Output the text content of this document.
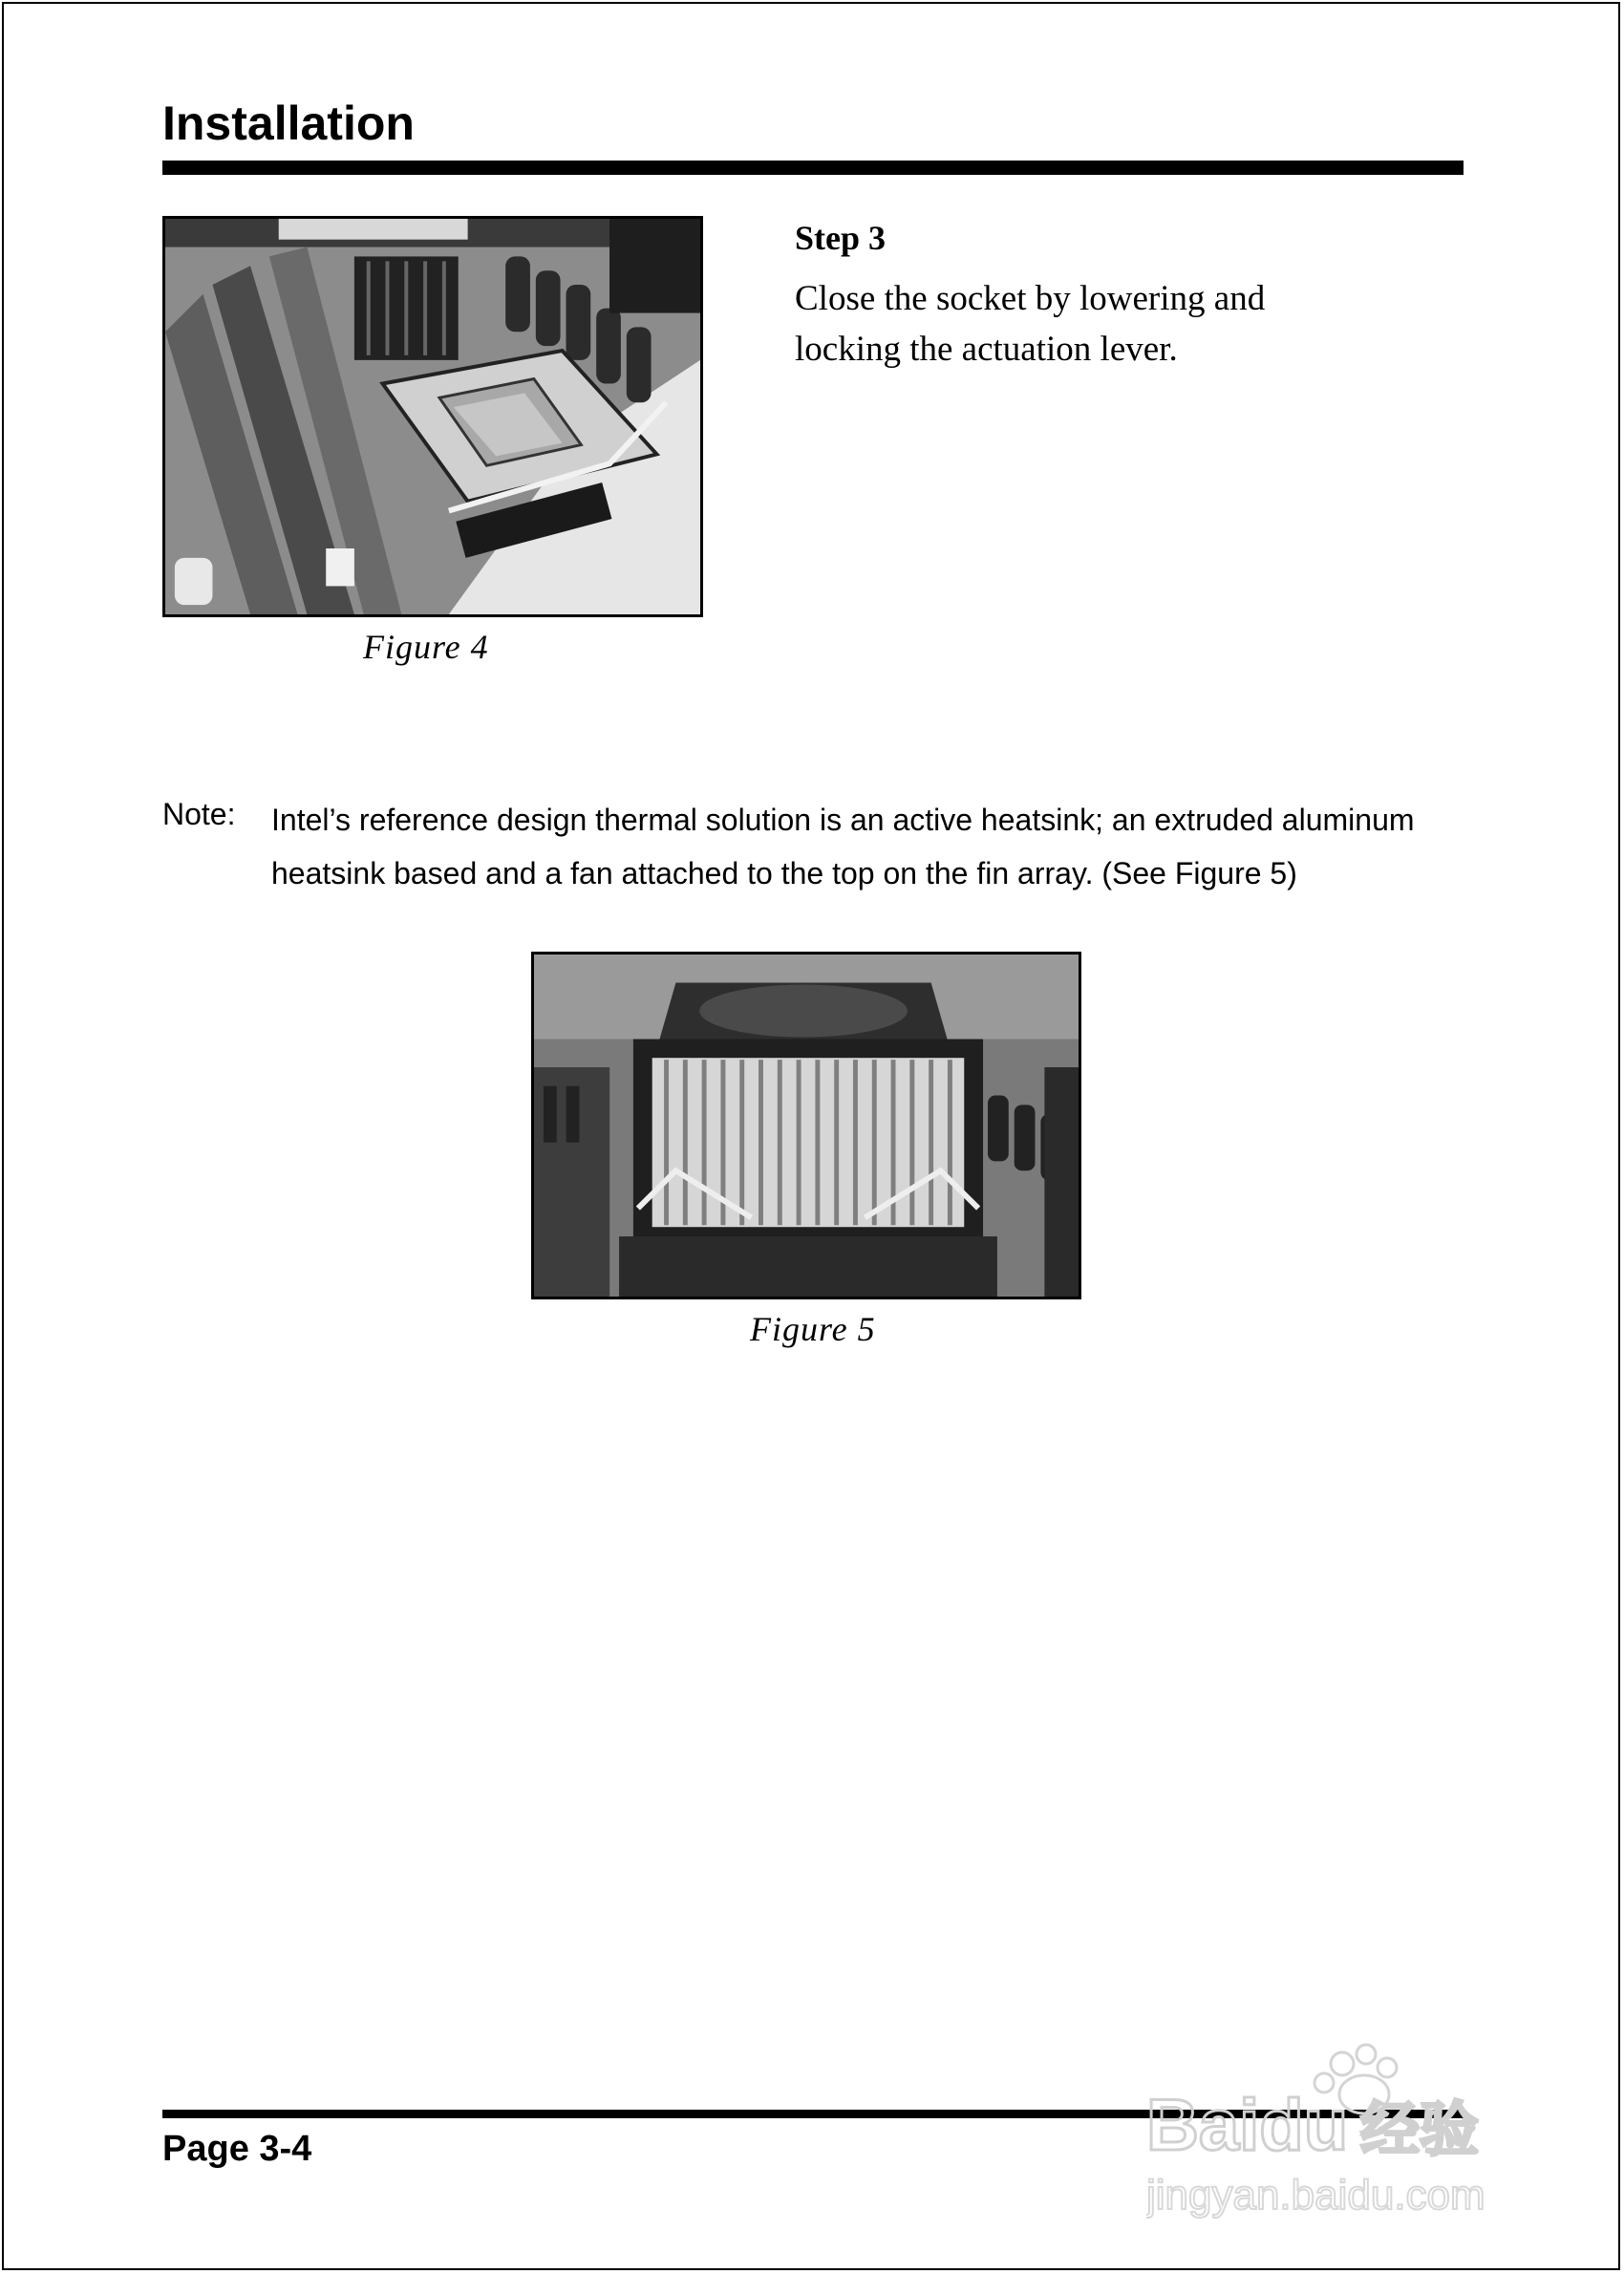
Installation
Figure 4
Step 3
Close the socket by lowering and locking the actuation lever.
Note: Intel’s reference design thermal solution is an active heatsink; an extruded aluminum heatsink based and a fan attached to the top on the fin array. (See Figure 5)
Figure 5
Page 3-4	Baidu 经验
jingyan.baidu.com
